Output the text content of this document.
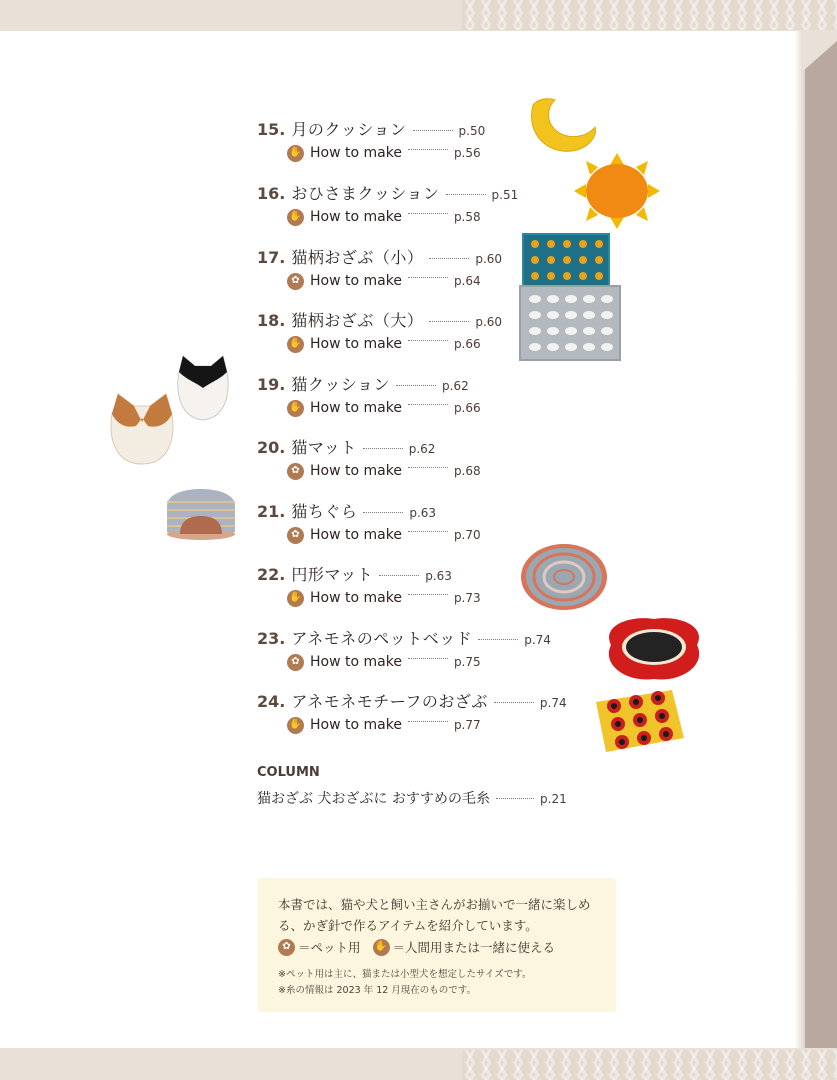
15. 月のクッション	p.50
✋ How to make	p.56
16. おひさまクッション	p.51
✋ How to make	p.58
17. 猫柄おざぶ（小）	p.60
✿ How to make	p.64
18. 猫柄おざぶ（大）	p.60
✋ How to make	p.66
19. 猫クッション	p.62
✋ How to make	p.66
20. 猫マット	p.62
✿ How to make	p.68
21. 猫ちぐら	p.63
✿ How to make	p.70
22. 円形マット	p.63
✋ How to make	p.73
23. アネモネのペットベッド	p.74
✿ How to make	p.75
24. アネモネモチーフのおざぶ	p.74
✋ How to make	p.77
COLUMN
猫おざぶ 犬おざぶに おすすめの毛糸	p.21
本書では、猫や犬と飼い主さんがお揃いで一緒に楽しめる、かぎ針で作るアイテムを紹介しています。
✿ ＝ペット用 ✋ ＝人間用または一緒に使える
※ペット用は主に、猫または小型犬を想定したサイズです。
※糸の情報は 2023 年 12 月現在のものです。
